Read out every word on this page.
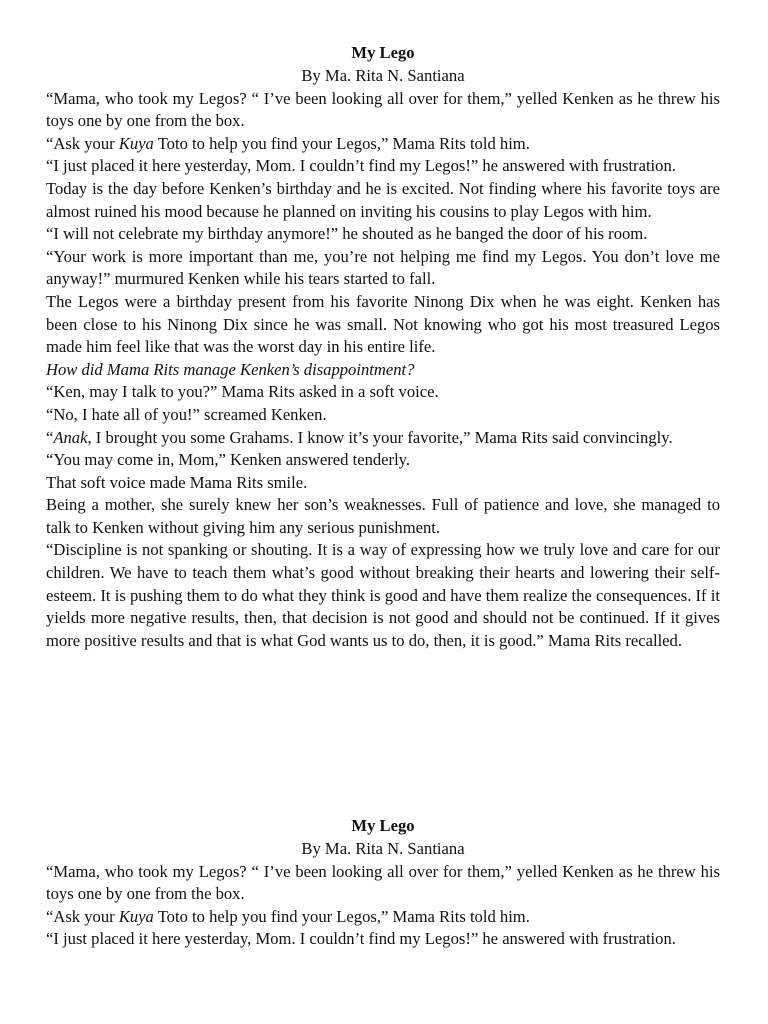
My Lego
By Ma. Rita N. Santiana

“Mama, who took my Legos? “ I’ve been looking all over for them,” yelled Kenken as he threw his toys one by one from the box.

“Ask your Kuya Toto to help you find your Legos,” Mama Rits told him.

“I just placed it here yesterday, Mom. I couldn’t find my Legos!” he answered with frustration.

Today is the day before Kenken’s birthday and he is excited. Not finding where his favorite toys are almost ruined his mood because he planned on inviting his cousins to play Legos with him.

“I will not celebrate my birthday anymore!” he shouted as he banged the door of his room.

“Your work is more important than me, you’re not helping me find my Legos. You don’t love me anyway!” murmured Kenken while his tears started to fall.

The Legos were a birthday present from his favorite Ninong Dix when he was eight. Kenken has been close to his Ninong Dix since he was small. Not knowing who got his most treasured Legos made him feel like that was the worst day in his entire life.

How did Mama Rits manage Kenken’s disappointment?

“Ken, may I talk to you?” Mama Rits asked in a soft voice.

“No, I hate all of you!” screamed Kenken.

“Anak, I brought you some Grahams. I know it’s your favorite,” Mama Rits said convincingly.

“You may come in, Mom,” Kenken answered tenderly.

That soft voice made Mama Rits smile.

Being a mother, she surely knew her son’s weaknesses. Full of patience and love, she managed to talk to Kenken without giving him any serious punishment.

“Discipline is not spanking or shouting. It is a way of expressing how we truly love and care for our children. We have to teach them what’s good without breaking their hearts and lowering their self-esteem. It is pushing them to do what they think is good and have them realize the consequences. If it yields more negative results, then, that decision is not good and should not be continued. If it gives more positive results and that is what God wants us to do, then, it is good.” Mama Rits recalled.

My Lego
By Ma. Rita N. Santiana

“Mama, who took my Legos? “ I’ve been looking all over for them,” yelled Kenken as he threw his toys one by one from the box.

“Ask your Kuya Toto to help you find your Legos,” Mama Rits told him.

“I just placed it here yesterday, Mom. I couldn’t find my Legos!” he answered with frustration.
